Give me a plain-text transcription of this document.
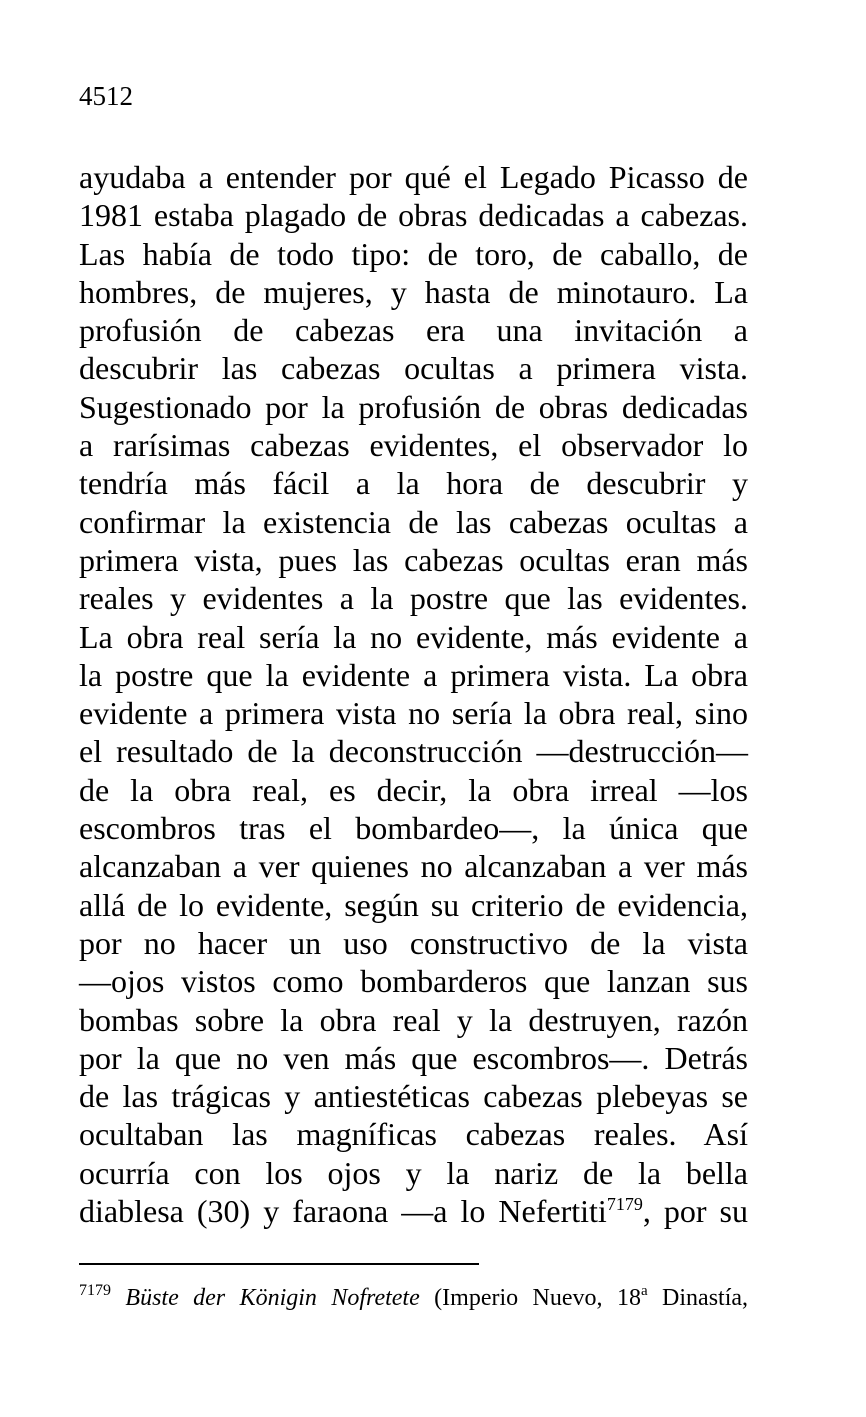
4512
ayudaba a entender por qué el Legado Picasso de
1981 estaba plagado de obras dedicadas a cabezas.
Las había de todo tipo: de toro, de caballo, de
hombres, de mujeres, y hasta de minotauro. La
profusión de cabezas era una invitación a
descubrir las cabezas ocultas a primera vista.
Sugestionado por la profusión de obras dedicadas
a rarísimas cabezas evidentes, el observador lo
tendría más fácil a la hora de descubrir y
confirmar la existencia de las cabezas ocultas a
primera vista, pues las cabezas ocultas eran más
reales y evidentes a la postre que las evidentes.
La obra real sería la no evidente, más evidente a
la postre que la evidente a primera vista. La obra
evidente a primera vista no sería la obra real, sino
el resultado de la deconstrucción —destrucción—
de la obra real, es decir, la obra irreal —los
escombros tras el bombardeo—, la única que
alcanzaban a ver quienes no alcanzaban a ver más
allá de lo evidente, según su criterio de evidencia,
por no hacer un uso constructivo de la vista
—ojos vistos como bombarderos que lanzan sus
bombas sobre la obra real y la destruyen, razón
por la que no ven más que escombros—. Detrás
de las trágicas y antiestéticas cabezas plebeyas se
ocultaban las magníficas cabezas reales. Así
ocurría con los ojos y la nariz de la bella
diablesa (30) y faraona —a lo Nefertiti$^{7179}$, por su
$^{7179}$ Büste der Königin Nofretete (Imperio Nuevo, 18$^a$ Dinastía,
